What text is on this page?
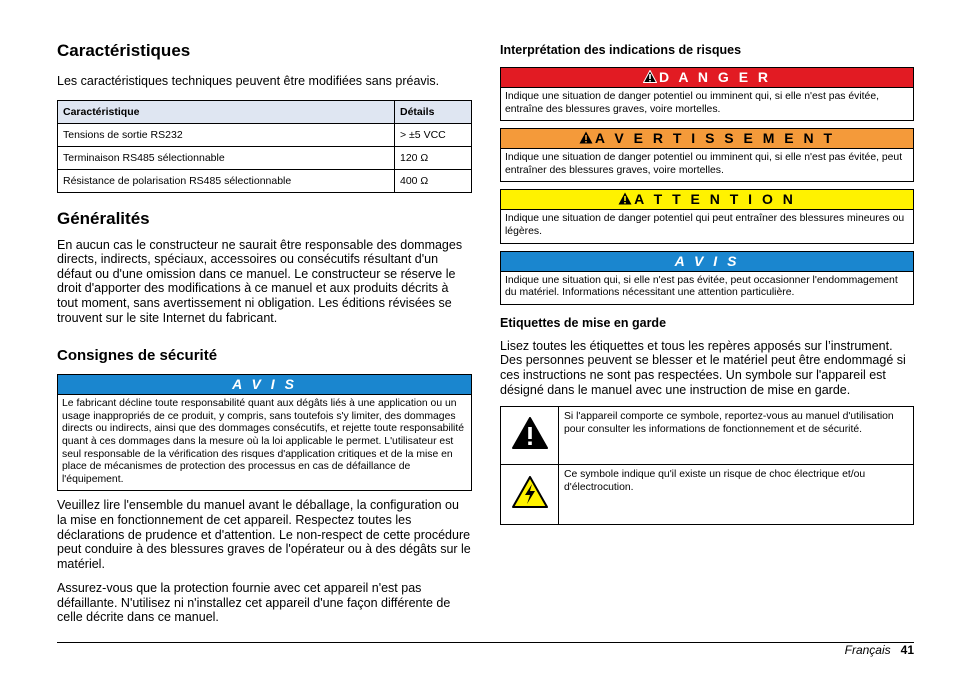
Caractéristiques

Les caractéristiques techniques peuvent être modifiées sans préavis.

Caractéristique	Détails
Tensions de sortie RS232	> ±5 VCC
Terminaison RS485 sélectionnable	120 Ω
Résistance de polarisation RS485 sélectionnable	400 Ω
Généralités

En aucun cas le constructeur ne saurait être responsable des dommages directs, indirects, spéciaux, accessoires ou consécutifs résultant d'un défaut ou d'une omission dans ce manuel. Le constructeur se réserve le droit d'apporter des modifications à ce manuel et aux produits décrits à tout moment, sans avertissement ni obligation. Les éditions révisées se trouvent sur le site Internet du fabricant.

Consignes de sécurité
A V I S
Le fabricant décline toute responsabilité quant aux dégâts liés à une application ou un usage inappropriés de ce produit, y compris, sans toutefois s'y limiter, des dommages directs ou indirects, ainsi que des dommages consécutifs, et rejette toute responsabilité quant à ces dommages dans la mesure où la loi applicable le permet. L'utilisateur est seul responsable de la vérification des risques d'application critiques et de la mise en place de mécanismes de protection des processus en cas de défaillance de l'équipement.

Veuillez lire l'ensemble du manuel avant le déballage, la configuration ou la mise en fonctionnement de cet appareil. Respectez toutes les déclarations de prudence et d'attention. Le non-respect de cette procédure peut conduire à des blessures graves de l'opérateur ou à des dégâts sur le matériel.

Assurez-vous que la protection fournie avec cet appareil n'est pas défaillante. N'utilisez ni n'installez cet appareil d'une façon différente de celle décrite dans ce manuel.

Interprétation des indications de risques
D A N G E R
Indique une situation de danger potentiel ou imminent qui, si elle n'est pas évitée, entraîne des blessures graves, voire mortelles.
A V E R T I S S E M E N T
Indique une situation de danger potentiel ou imminent qui, si elle n'est pas évitée, peut entraîner des blessures graves, voire mortelles.
A T T E N T I O N
Indique une situation de danger potentiel qui peut entraîner des blessures mineures ou légères.
A V I S
Indique une situation qui, si elle n'est pas évitée, peut occasionner l'endommagement du matériel. Informations nécessitant une attention particulière.
Etiquettes de mise en garde

Lisez toutes les étiquettes et tous les repères apposés sur l’instrument. Des personnes peuvent se blesser et le matériel peut être endommagé si ces instructions ne sont pas respectées. Un symbole sur l'appareil est désigné dans le manuel avec une instruction de mise en garde.

	Si l'appareil comporte ce symbole, reportez-vous au manuel d'utilisation pour consulter les informations de fonctionnement et de sécurité.
	Ce symbole indique qu'il existe un risque de choc électrique et/ou d'électrocution.
Français 41
